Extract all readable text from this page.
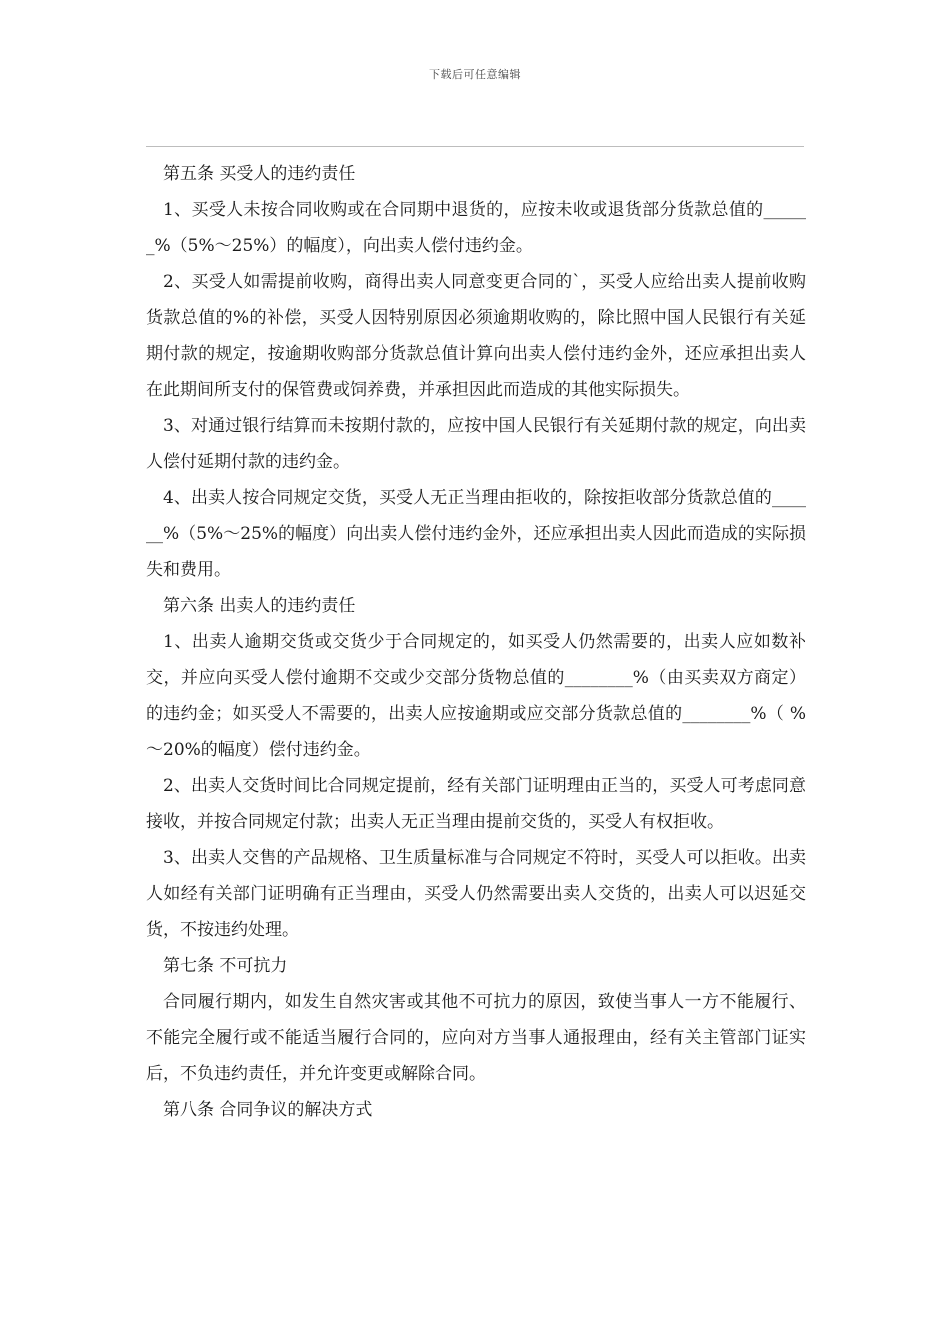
下载后可任意编辑

第五条 买受人的违约责任

1、买受人未按合同收购或在合同期中退货的，应按未收或退货部分货款总值的______%（5%～25%）的幅度），向出卖人偿付违约金。

2、买受人如需提前收购，商得出卖人同意变更合同的`，买受人应给出卖人提前收购货款总值的%的补偿，买受人因特别原因必须逾期收购的，除比照中国人民银行有关延期付款的规定，按逾期收购部分货款总值计算向出卖人偿付违约金外，还应承担出卖人在此期间所支付的保管费或饲养费，并承担因此而造成的其他实际损失。

3、对通过银行结算而未按期付款的，应按中国人民银行有关延期付款的规定，向出卖人偿付延期付款的违约金。

4、出卖人按合同规定交货，买受人无正当理由拒收的，除按拒收部分货款总值的______%（5%～25%的幅度）向出卖人偿付违约金外，还应承担出卖人因此而造成的实际损失和费用。

第六条 出卖人的违约责任

1、出卖人逾期交货或交货少于合同规定的，如买受人仍然需要的，出卖人应如数补交，并应向买受人偿付逾期不交或少交部分货物总值的________%（由买卖双方商定）的违约金；如买受人不需要的，出卖人应按逾期或应交部分货款总值的________%（ %～20%的幅度）偿付违约金。

2、出卖人交货时间比合同规定提前，经有关部门证明理由正当的，买受人可考虑同意接收，并按合同规定付款；出卖人无正当理由提前交货的，买受人有权拒收。

3、出卖人交售的产品规格、卫生质量标准与合同规定不符时，买受人可以拒收。出卖人如经有关部门证明确有正当理由，买受人仍然需要出卖人交货的，出卖人可以迟延交货，不按违约处理。

第七条 不可抗力

合同履行期内，如发生自然灾害或其他不可抗力的原因，致使当事人一方不能履行、不能完全履行或不能适当履行合同的，应向对方当事人通报理由，经有关主管部门证实后，不负违约责任，并允许变更或解除合同。

第八条 合同争议的解决方式
